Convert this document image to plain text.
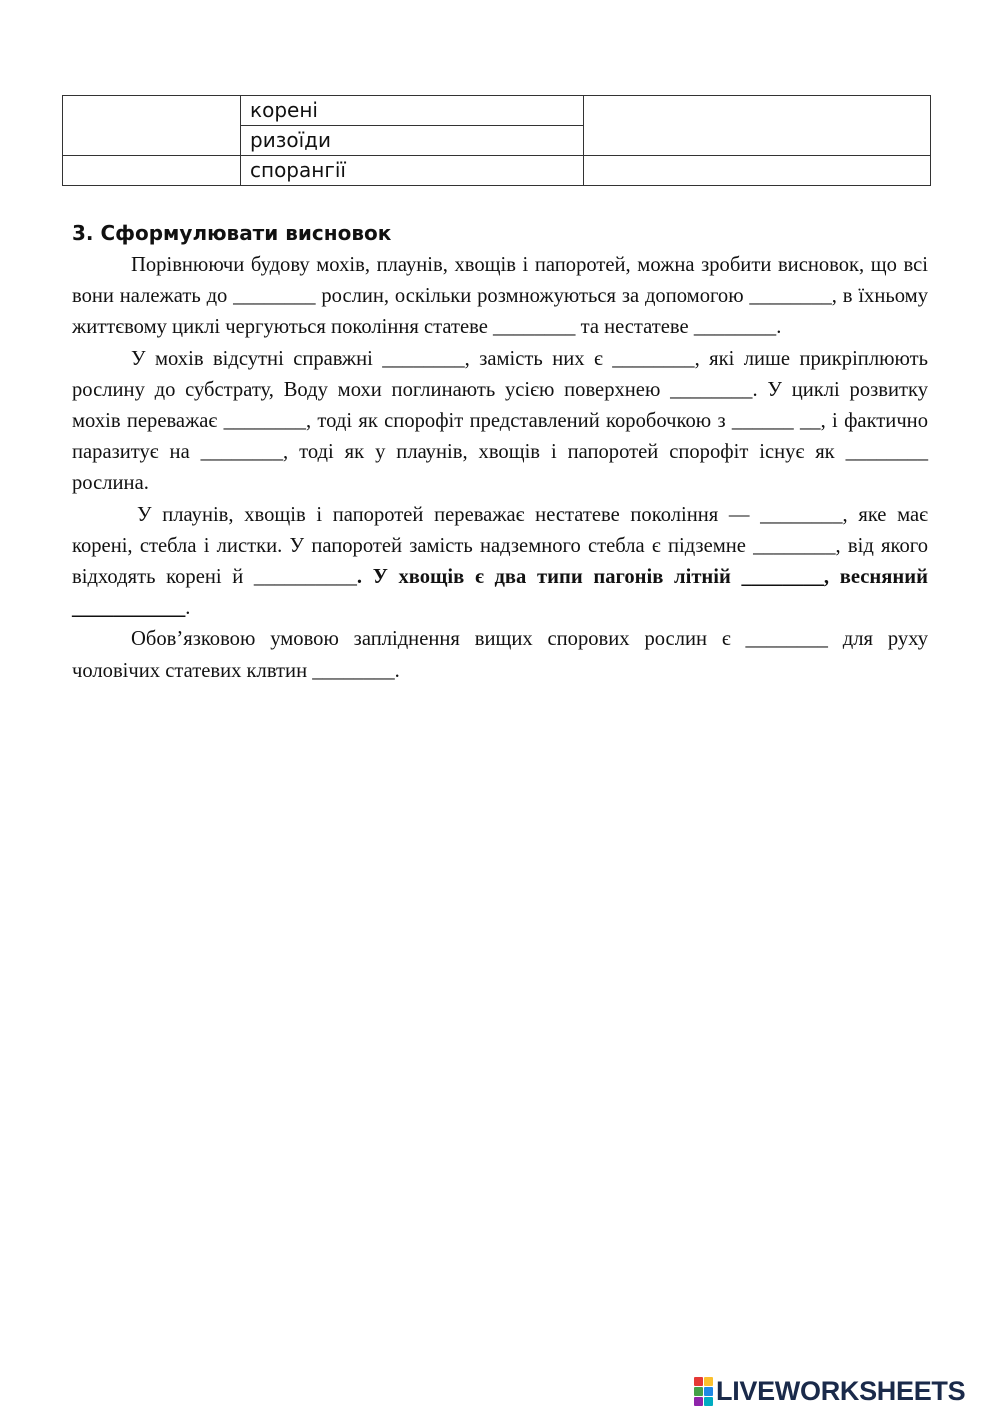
	корені	
	ризоїди	
	спорангії	
3. Сформулювати висновок

Порівнюючи будову мохів, плаунів, хвощів і папоротей, можна зробити висновок, що всі вони належать до ________ рослин, оскільки розмножуються за допомогою ________, в їхньому життєвому циклі чергуються покоління статеве ________ та нестатеве ________.

У мохів відсутні справжні ________, замість них є ________, які лише прикріплюють рослину до субстрату, Воду мохи поглинають усією поверхнею ________. У циклі розвитку мохів переважає ________, тоді як спорофіт представлений коробочкою з ______ __, і фактично паразитує на ________, тоді як у плаунів, хвощів і папоротей спорофіт існує як ________ рослина.

У плаунів, хвощів і папоротей переважає нестатеве покоління — ________, яке має корені, стебла і листки. У папоротей замість надземного стебла є підземне ________, від якого відходять корені й __________. У хвощів є два типи пагонів літній ________, весняний ___________.

Обов’язковою умовою запліднення вищих спорових рослин є ________ для руху чоловічих статевих клвтин ________.

LIVEWORKSHEETS
